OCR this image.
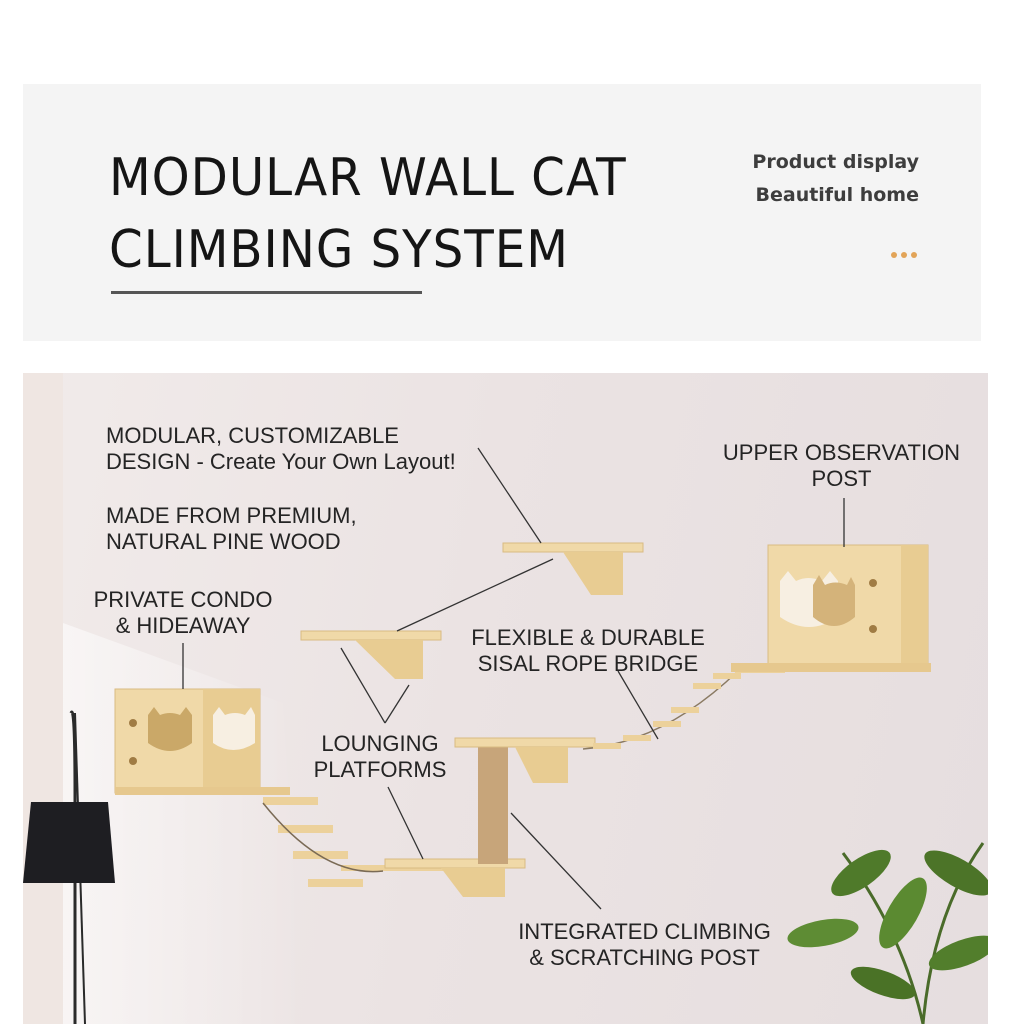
MODULAR WALL CAT
CLIMBING SYSTEM
Product display
Beautiful home
MODULAR, CUSTOMIZABLE
DESIGN - Create Your Own Layout!
MADE FROM PREMIUM,
NATURAL PINE WOOD
PRIVATE CONDO
& HIDEAWAY
UPPER OBSERVATION
POST
FLEXIBLE & DURABLE
SISAL ROPE BRIDGE
LOUNGING
PLATFORMS
INTEGRATED CLIMBING
& SCRATCHING POST
